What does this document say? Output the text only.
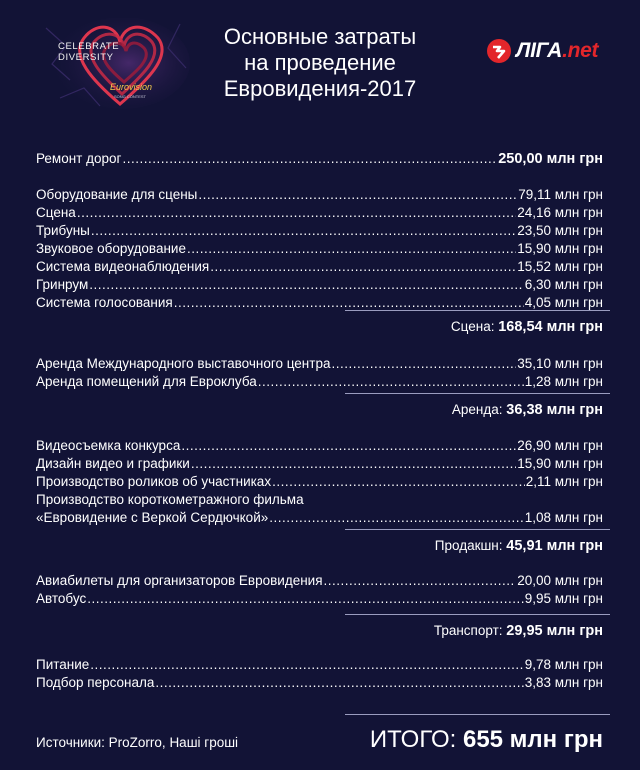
Eurovision
SONG CONTEST
CELEBRATE
DIVERSITY
Основные затраты
на проведение
Евровидения-2017
ЛІГА.net
Ремонт дорог .....	250,00 млн грн
Оборудование для сцены .....	79,11 млн грн
Сцена .....	24,16 млн грн
Трибуны .....	23,50 млн грн
Звуковое оборудование .....	15,90 млн грн
Система видеонаблюдения .....	15,52 млн грн
Гринрум .....	6,30 млн грн
Система голосования .....	4,05 млн грн
Сцена: 168,54 млн грн
Аренда Международного выставочного центра .....	35,10 млн грн
Аренда помещений для Евроклуба .....	1,28 млн грн
Аренда: 36,38 млн грн
Видеосъемка конкурса .....	26,90 млн грн
Дизайн видео и графики .....	15,90 млн грн
Производство роликов об участниках .....	2,11 млн грн
Производство короткометражного фильма
«Евровидение с Веркой Сердючкой» .....	1,08 млн грн
Продакшн: 45,91 млн грн
Авиабилеты для организаторов Евровидения .....	20,00 млн грн
Автобус .....	9,95 млн грн
Транспорт: 29,95 млн грн
Питание .....	9,78 млн грн
Подбор персонала .....	3,83 млн грн
Источники: ProZorro, Наші гроші	ИТОГО: 655 млн грн
